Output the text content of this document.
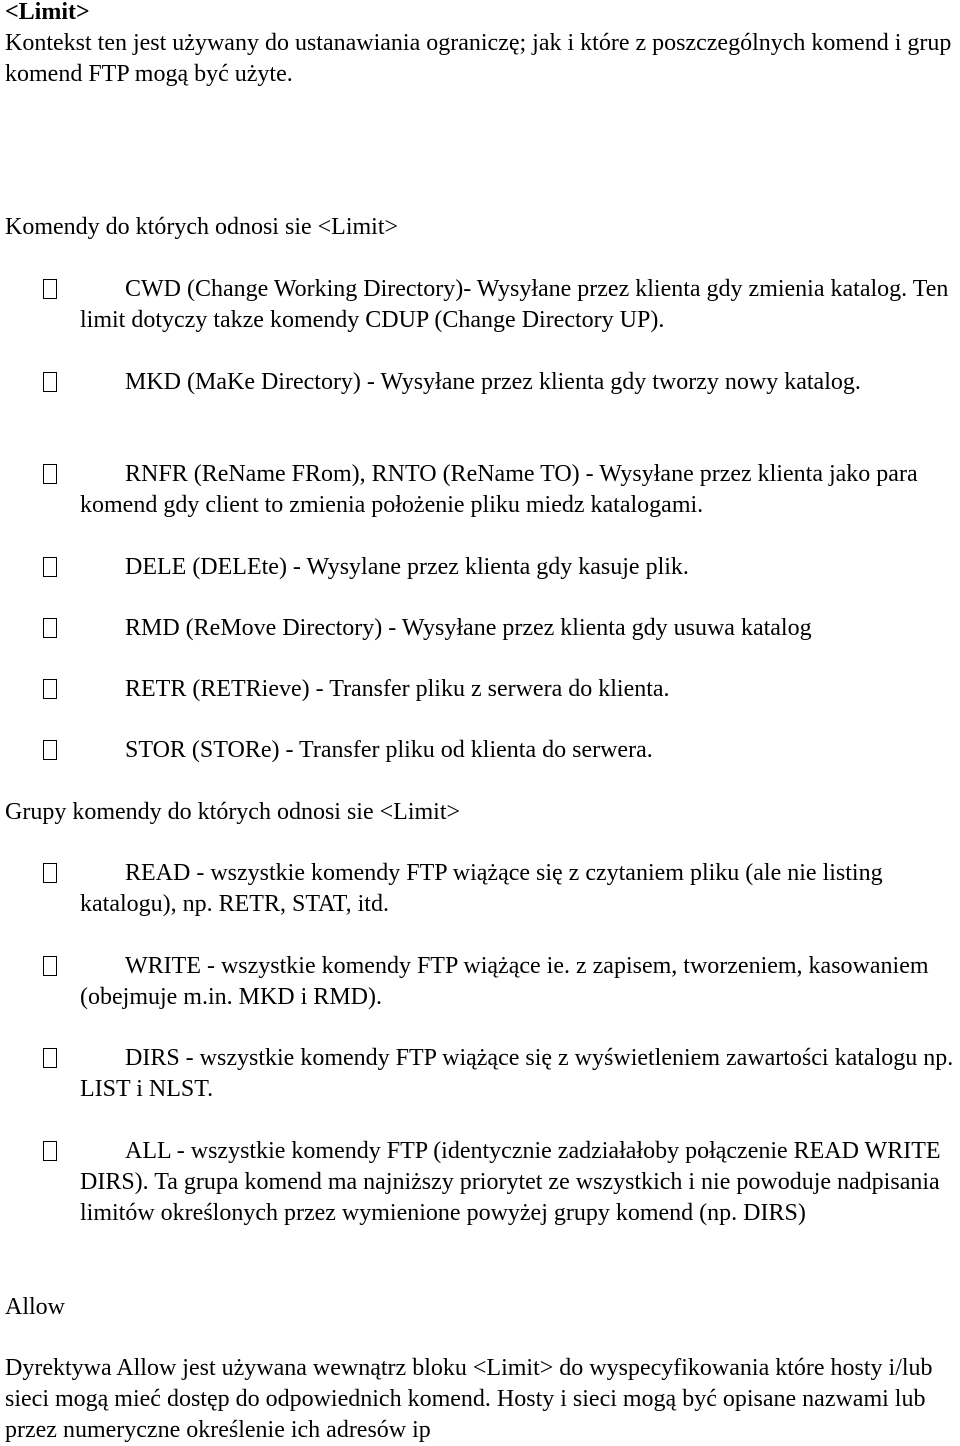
<Limit>

Kontekst ten jest używany do ustanawiania ograniczę; jak i które z poszczególnych komend i grup komend FTP mogą być użyte.

Komendy do których odnosi sie <Limit>

CWD (Change Working Directory)- Wysyłane przez klienta gdy zmienia katalog. Ten limit dotyczy takze komendy CDUP (Change Directory UP).

MKD (MaKe Directory) - Wysyłane przez klienta gdy tworzy nowy katalog.

RNFR (ReName FRom), RNTO (ReName TO) - Wysyłane przez klienta jako para komend gdy client to zmienia położenie pliku miedz katalogami.

DELE (DELEte) - Wysylane przez klienta gdy kasuje plik.

RMD (ReMove Directory) - Wysyłane przez klienta gdy usuwa katalog

RETR (RETRieve) - Transfer pliku z serwera do klienta.

STOR (STORe) - Transfer pliku od klienta do serwera.

Grupy komendy do których odnosi sie <Limit>

READ - wszystkie komendy FTP wiążące się z czytaniem pliku (ale nie listing katalogu), np. RETR, STAT, itd.

WRITE - wszystkie komendy FTP wiążące ie. z zapisem, tworzeniem, kasowaniem (obejmuje m.in. MKD i RMD).

DIRS - wszystkie komendy FTP wiążące się z wyświetleniem zawartości katalogu np. LIST i NLST.

ALL - wszystkie komendy FTP (identycznie zadziałałoby połączenie READ WRITE DIRS). Ta grupa komend ma najniższy priorytet ze wszystkich i nie powoduje nadpisania limitów określonych przez wymienione powyżej grupy komend (np. DIRS)

Allow

Dyrektywa Allow jest używana wewnątrz bloku <Limit> do wyspecyfikowania które hosty i/lub sieci mogą mieć dostęp do odpowiednich komend. Hosty i sieci mogą być opisane nazwami lub przez numeryczne określenie ich adresów ip
